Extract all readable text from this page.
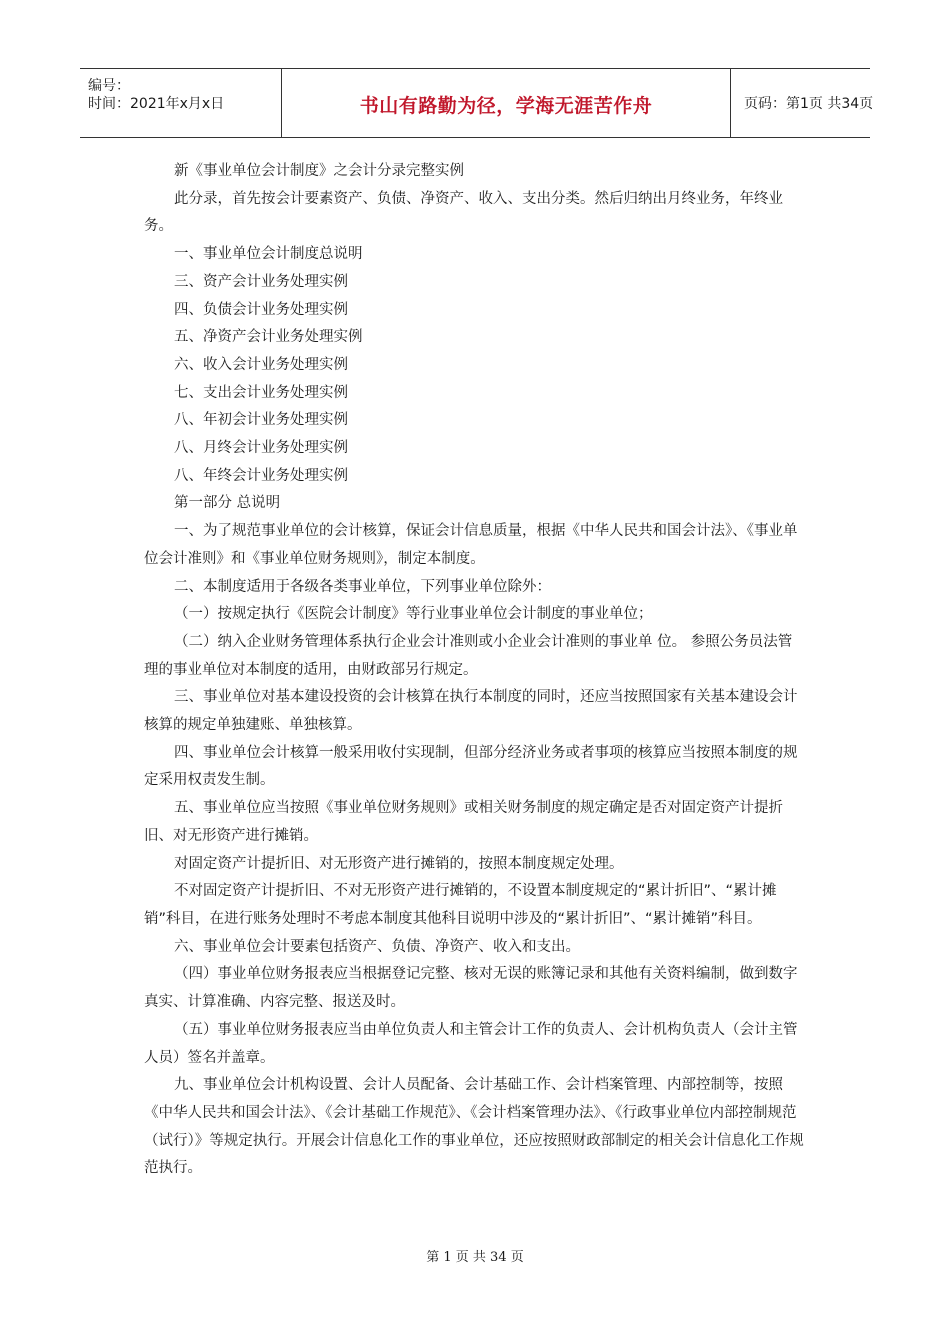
编号：
时间：2021年x月x日	书山有路勤为径，学海无涯苦作舟	页码：第1页 共34页

新《事业单位会计制度》之会计分录完整实例

此分录，首先按会计要素资产、负债、净资产、收入、支出分类。然后归纳出月终业务，年终业务。

一、事业单位会计制度总说明

三、资产会计业务处理实例

四、负债会计业务处理实例

五、净资产会计业务处理实例

六、收入会计业务处理实例

七、支出会计业务处理实例

八、年初会计业务处理实例

八、月终会计业务处理实例

八、年终会计业务处理实例

第一部分 总说明

一、为了规范事业单位的会计核算，保证会计信息质量，根据《中华人民共和国会计法》、《事业单位会计准则》和《事业单位财务规则》，制定本制度。

二、本制度适用于各级各类事业单位，下列事业单位除外：

（一）按规定执行《医院会计制度》等行业事业单位会计制度的事业单位；

（二）纳入企业财务管理体系执行企业会计准则或小企业会计准则的事业单 位。 参照公务员法管理的事业单位对本制度的适用，由财政部另行规定。

三、事业单位对基本建设投资的会计核算在执行本制度的同时，还应当按照国家有关基本建设会计核算的规定单独建账、单独核算。

四、事业单位会计核算一般采用收付实现制，但部分经济业务或者事项的核算应当按照本制度的规定采用权责发生制。

五、事业单位应当按照《事业单位财务规则》或相关财务制度的规定确定是否对固定资产计提折旧、对无形资产进行摊销。

对固定资产计提折旧、对无形资产进行摊销的，按照本制度规定处理。

不对固定资产计提折旧、不对无形资产进行摊销的，不设置本制度规定的“累计折旧”、“累计摊销”科目，在进行账务处理时不考虑本制度其他科目说明中涉及的“累计折旧”、“累计摊销”科目。

六、事业单位会计要素包括资产、负债、净资产、收入和支出。

（四）事业单位财务报表应当根据登记完整、核对无误的账簿记录和其他有关资料编制，做到数字真实、计算准确、内容完整、报送及时。

（五）事业单位财务报表应当由单位负责人和主管会计工作的负责人、会计机构负责人（会计主管人员）签名并盖章。

九、事业单位会计机构设置、会计人员配备、会计基础工作、会计档案管理、内部控制等，按照《中华人民共和国会计法》、《会计基础工作规范》、《会计档案管理办法》、《行政事业单位内部控制规范（试行）》等规定执行。开展会计信息化工作的事业单位，还应按照财政部制定的相关会计信息化工作规范执行。

第 1 页 共 34 页
